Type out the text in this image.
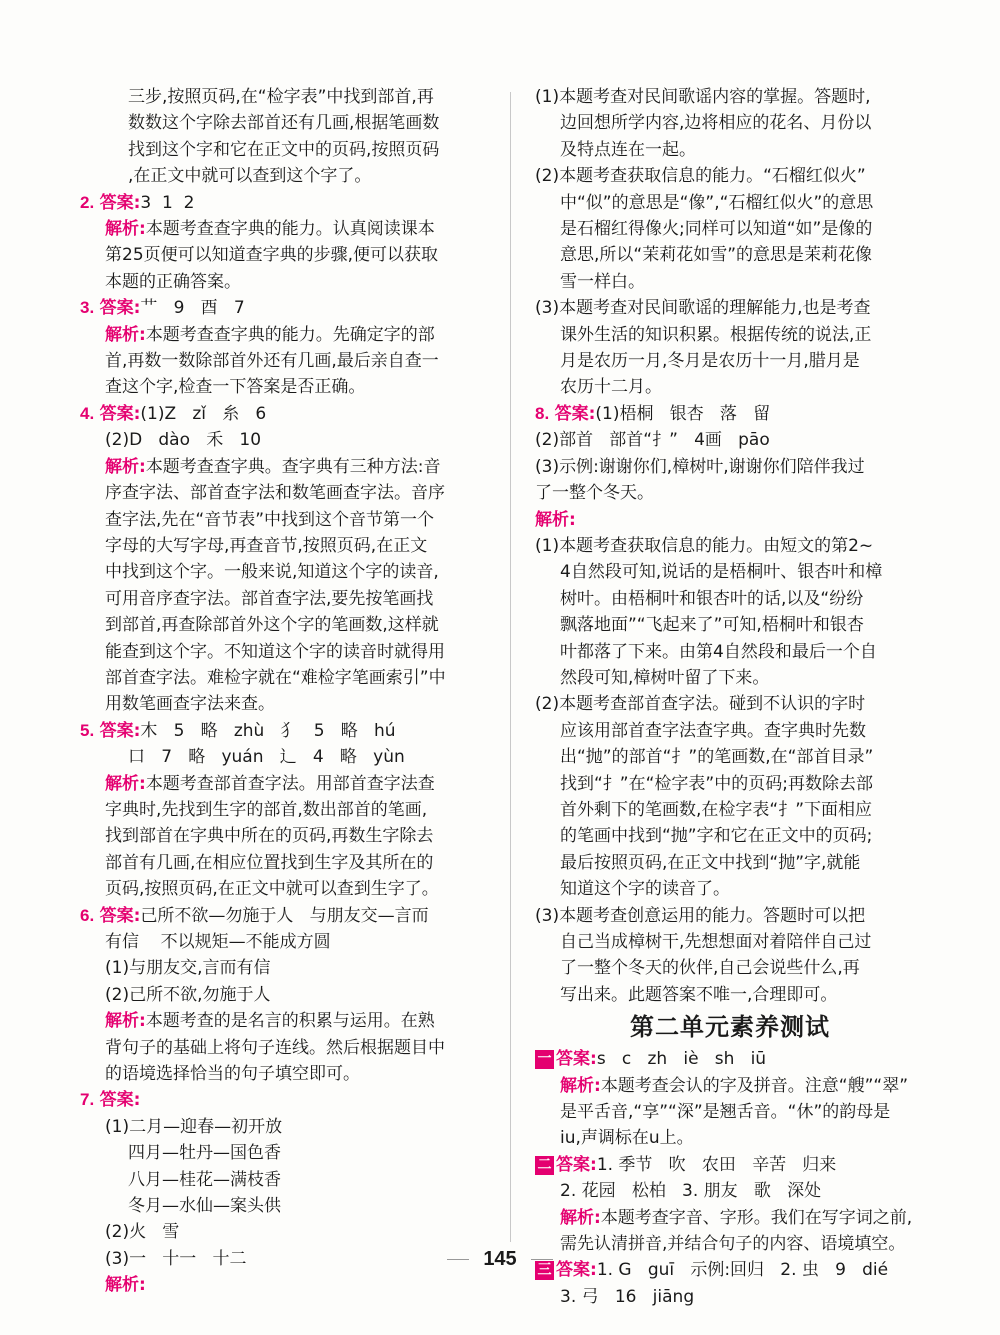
三步,按照页码,在“检字表”中找到部首,再
数数这个字除去部首还有几画,根据笔画数
找到这个字和它在正文中的页码,按照页码
,在正文中就可以查到这个字了。
2. 答案:3  1  2
解析:本题考查查字典的能力。认真阅读课本
第25页便可以知道查字典的步骤,便可以获取
本题的正确答案。
3. 答案:艹   9   酉   7
解析:本题考查查字典的能力。先确定字的部
首,再数一数除部首外还有几画,最后亲自查一
查这个字,检查一下答案是否正确。
4. 答案:(1)Z   zǐ   糸   6
(2)D   dào   禾   10
解析:本题考查查字典。查字典有三种方法:音
序查字法、部首查字法和数笔画查字法。音序
查字法,先在“音节表”中找到这个音节第一个
字母的大写字母,再查音节,按照页码,在正文
中找到这个字。一般来说,知道这个字的读音,
可用音序查字法。部首查字法,要先按笔画找
到部首,再查除部首外这个字的笔画数,这样就
能查到这个字。不知道这个字的读音时就得用
部首查字法。难检字就在“难检字笔画索引”中
用数笔画查字法来查。
5. 答案:木   5   略   zhù   犭   5   略   hú
口   7   略   yuán   辶   4   略   yùn
解析:本题考查部首查字法。用部首查字法查
字典时,先找到生字的部首,数出部首的笔画,
找到部首在字典中所在的页码,再数生字除去
部首有几画,在相应位置找到生字及其所在的
页码,按照页码,在正文中就可以查到生字了。
6. 答案:己所不欲—勿施于人   与朋友交—言而
有信    不以规矩—不能成方圆
(1)与朋友交,言而有信
(2)己所不欲,勿施于人
解析:本题考查的是名言的积累与运用。在熟
背句子的基础上将句子连线。然后根据题目中
的语境选择恰当的句子填空即可。
7. 答案:
(1)二月—迎春—初开放
四月—牡丹—国色香
八月—桂花—满枝香
冬月—水仙—案头供
(2)火   雪
(3)一   十一   十二
解析:
(1)本题考查对民间歌谣内容的掌握。答题时,
边回想所学内容,边将相应的花名、月份以
及特点连在一起。
(2)本题考查获取信息的能力。“石榴红似火”
中“似”的意思是“像”,“石榴红似火”的意思
是石榴红得像火;同样可以知道“如”是像的
意思,所以“茉莉花如雪”的意思是茉莉花像
雪一样白。
(3)本题考查对民间歌谣的理解能力,也是考查
课外生活的知识积累。根据传统的说法,正
月是农历一月,冬月是农历十一月,腊月是
农历十二月。
8. 答案:(1)梧桐   银杏   落   留
(2)部首   部首“扌”   4画   pāo
(3)示例:谢谢你们,樟树叶,谢谢你们陪伴我过
了一整个冬天。
解析:
(1)本题考查获取信息的能力。由短文的第2~
4自然段可知,说话的是梧桐叶、银杏叶和樟
树叶。由梧桐叶和银杏叶的话,以及“纷纷
飘落地面”“飞起来了”可知,梧桐叶和银杏
叶都落了下来。由第4自然段和最后一个自
然段可知,樟树叶留了下来。
(2)本题考查部首查字法。碰到不认识的字时
应该用部首查字法查字典。查字典时先数
出“抛”的部首“扌”的笔画数,在“部首目录”
找到“扌”在“检字表”中的页码;再数除去部
首外剩下的笔画数,在检字表“扌”下面相应
的笔画中找到“抛”字和它在正文中的页码;
最后按照页码,在正文中找到“抛”字,就能
知道这个字的读音了。
(3)本题考查创意运用的能力。答题时可以把
自己当成樟树干,先想想面对着陪伴自己过
了一整个冬天的伙伴,自己会说些什么,再
写出来。此题答案不唯一,合理即可。
第二单元素养测试
一 答案:s   c   zh   iè   sh   iū
解析:本题考查会认的字及拼音。注意“艘”“翠”
是平舌音,“享”“深”是翘舌音。“休”的韵母是
iu,声调标在u上。
二 答案:1. 季节   吹   农田   辛苦   归来
2. 花园   松柏   3. 朋友   歌   深处
解析:本题考查字音、字形。我们在写字词之前,
需先认清拼音,并结合句子的内容、语境填空。
三 答案:1. G   guī   示例:回归   2. 虫   9   dié
3. 弓   16   jiāng
145
